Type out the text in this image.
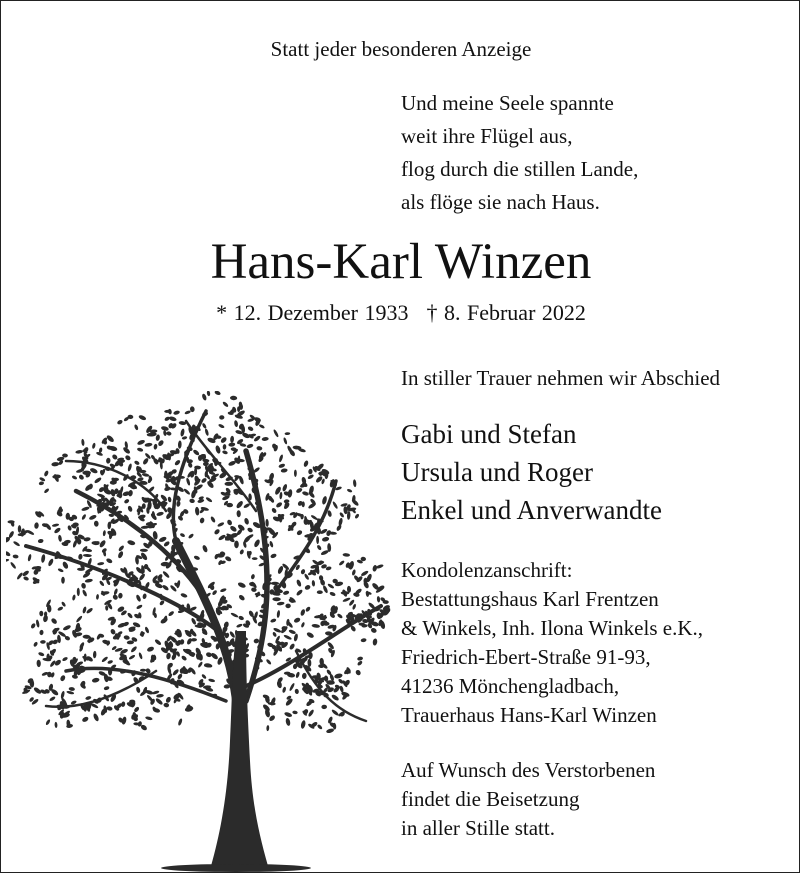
Statt jeder besonderen Anzeige
Und meine Seele spannte
weit ihre Flügel aus,
flog durch die stillen Lande,
als flöge sie nach Haus.
Hans-Karl Winzen
* 12. Dezember 1933 † 8. Februar 2022
In stiller Trauer nehmen wir Abschied
Gabi und Stefan
Ursula und Roger
Enkel und Anverwandte
Kondolenzanschrift:
Bestattungshaus Karl Frentzen
& Winkels, Inh. Ilona Winkels e.K.,
Friedrich-Ebert-Straße 91-93,
41236 Mönchengladbach,
Trauerhaus Hans-Karl Winzen
Auf Wunsch des Verstorbenen
findet die Beisetzung
in aller Stille statt.
